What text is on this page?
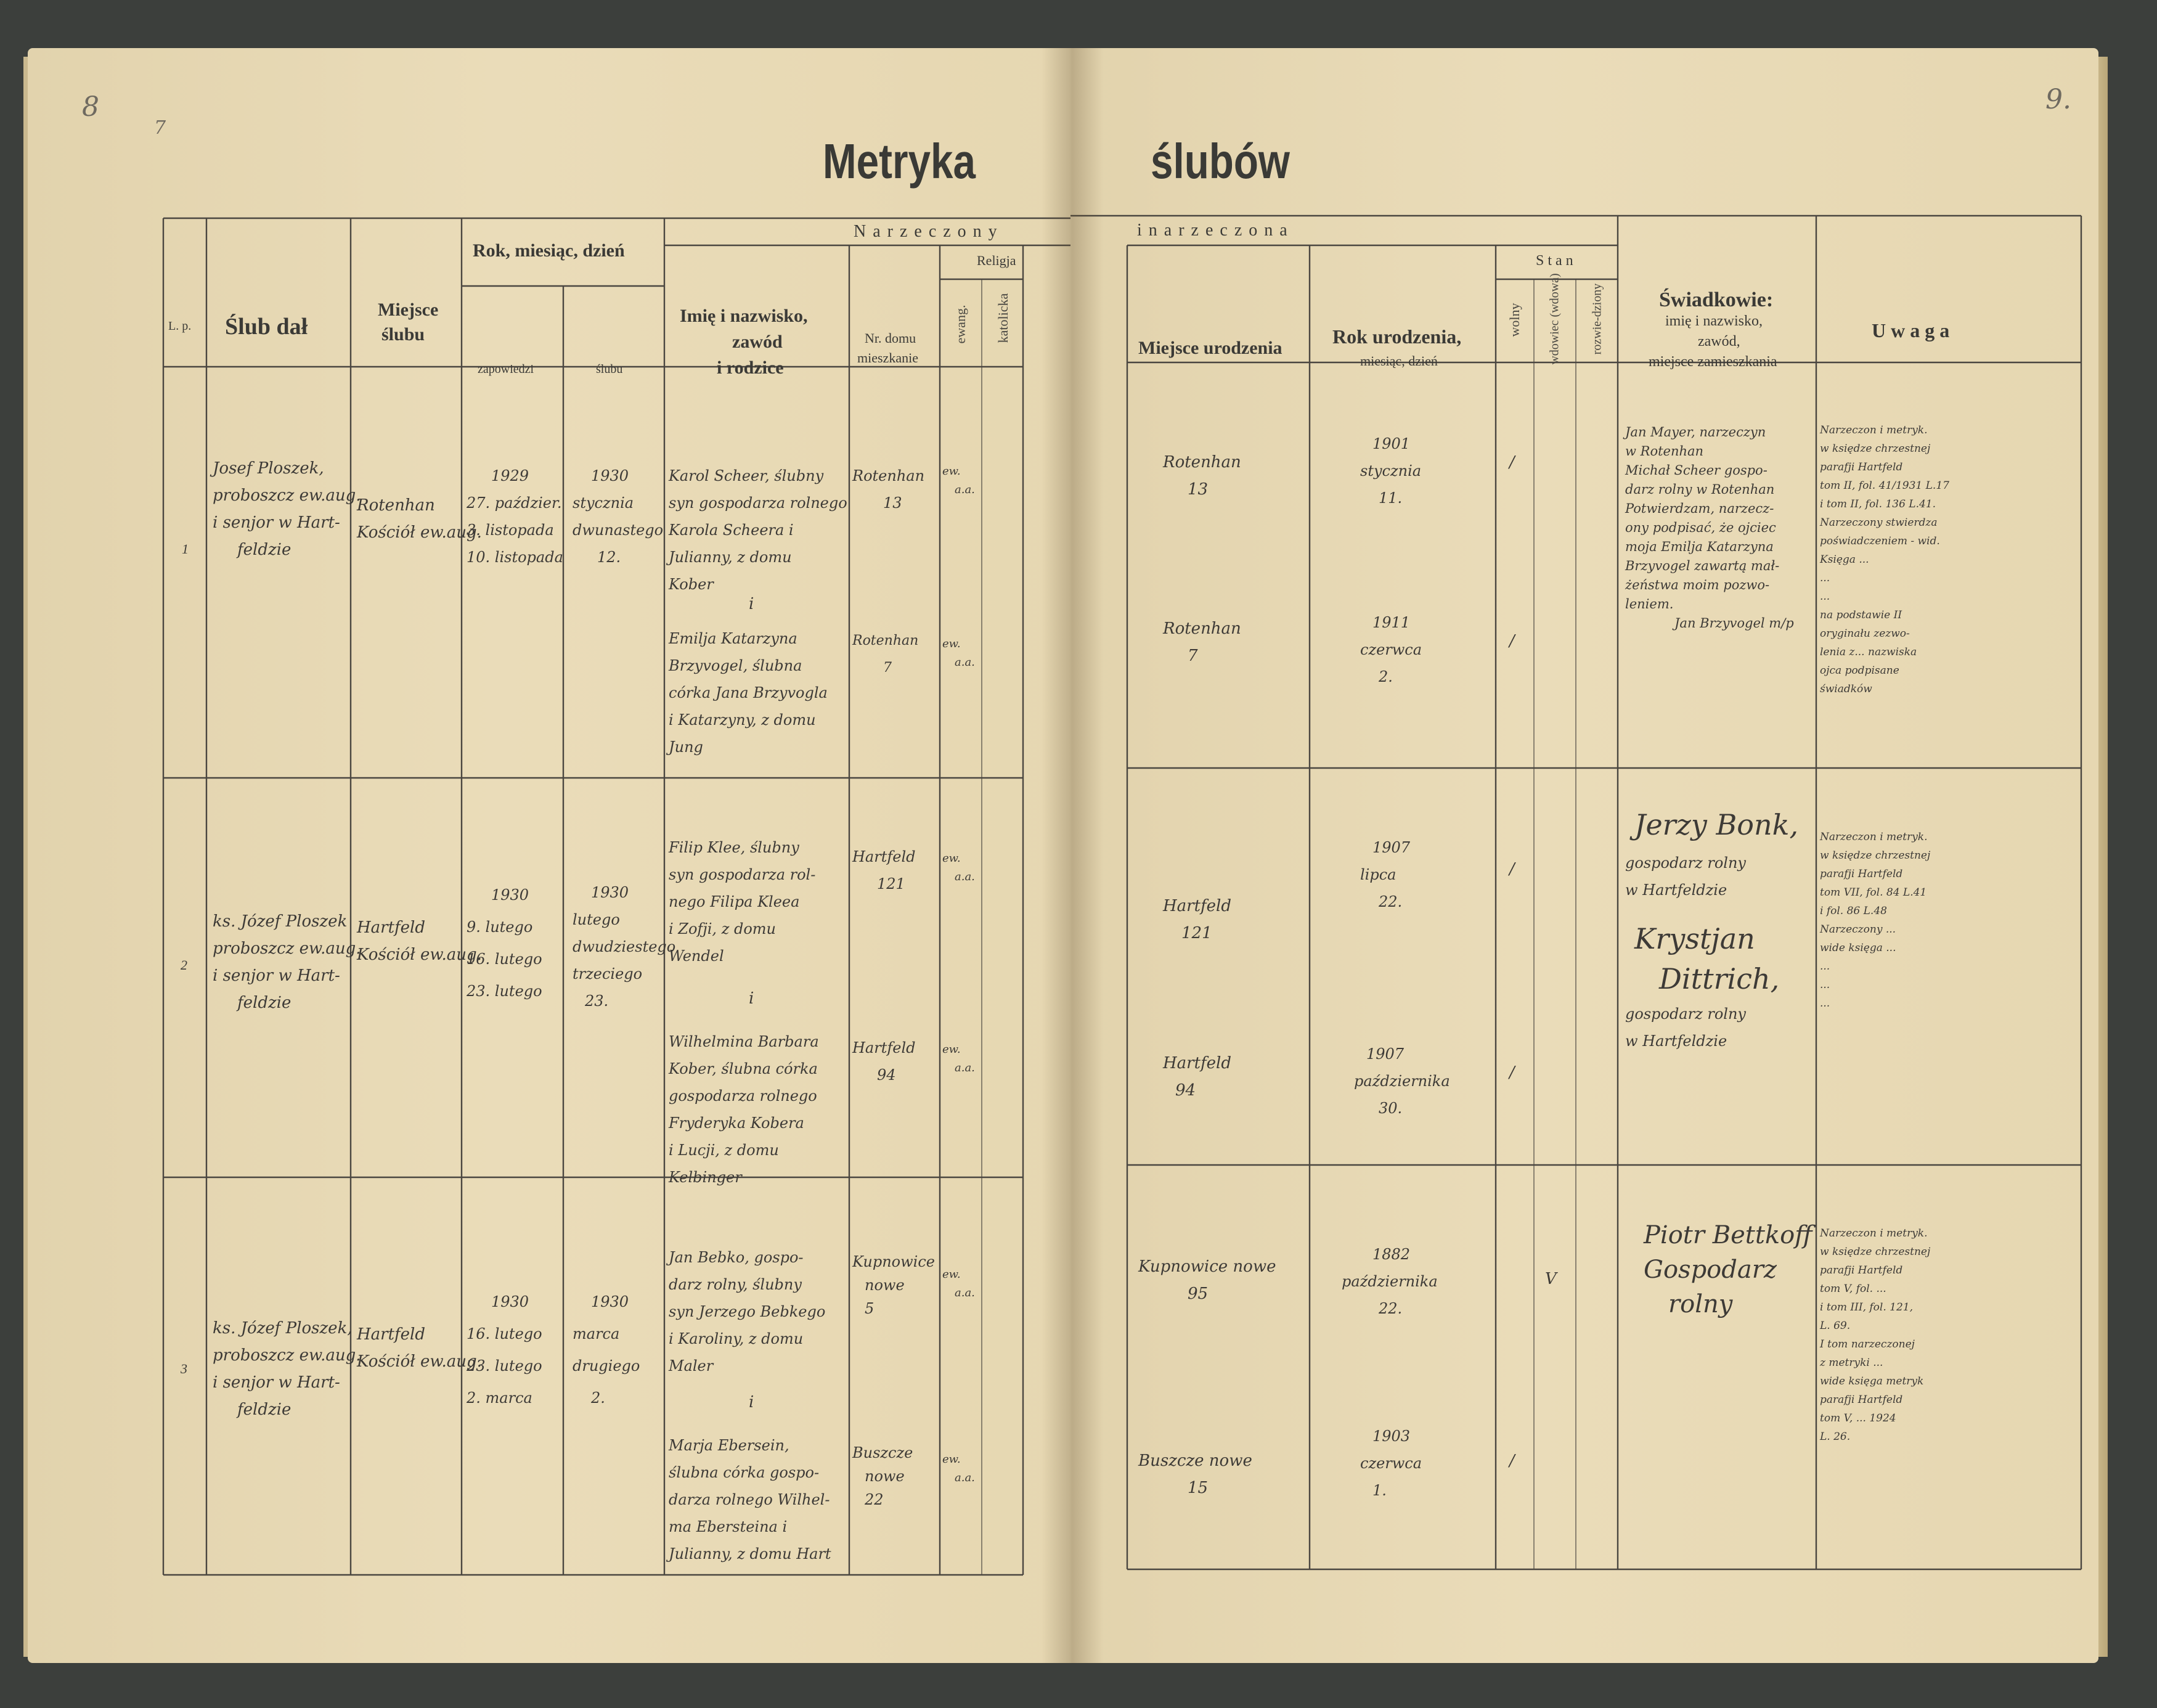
8
7
Metryka
N a r z e c z o n y
L. p. Ślub dał
Miejsce
ślubu
Rok, miesiąc, dzień
zapowiedzi	ślubu
Imię i nazwisko,
zawód
i rodzice
Nr. domu
mieszkanie
Religja
ewang. katolicka
1
Josef Ploszek,
proboszcz ew.aug.
i senjor w Hart-
feldzie
Rotenhan
Kościół ew.aug.
1929
27. paździer.
3. listopada
10. listopada
1930
stycznia
dwunastego
12.
Karol Scheer, ślubny
syn gospodarza rolnego
Karola Scheera i
Julianny, z domu
Kober
Rotenhan
13
ew.
a.a.
i
Emilja Katarzyna
Brzyvogel, ślubna
córka Jana Brzyvogla
i Katarzyny, z domu
Jung
Rotenhan
7
ew.
a.a.
2
ks. Józef Ploszek
proboszcz ew.aug.
i senjor w Hart-
feldzie
Hartfeld
Kościół ew.aug.
1930
9. lutego
16. lutego
23. lutego
1930
lutego
dwudziestego
trzeciego
23.
Filip Klee, ślubny
syn gospodarza rol-
nego Filipa Kleea
i Zofji, z domu
Wendel
Hartfeld
121
ew.
a.a.
i
Wilhelmina Barbara
Kober, ślubna córka
gospodarza rolnego
Fryderyka Kobera
i Lucji, z domu
Kelbinger
Hartfeld
94
ew.
a.a.
3
ks. Józef Ploszek,
proboszcz ew.aug.
i senjor w Hart-
feldzie
Hartfeld
Kościół ew.aug.
1930
16. lutego
23. lutego
2. marca
1930
marca
drugiego
2.
Jan Bebko, gospo-
darz rolny, ślubny
syn Jerzego Bebkego
i Karoliny, z domu
Maler
Kupnowice
nowe
5
ew.
a.a.
i
Marja Ebersein,
ślubna córka gospo-
darza rolnego Wilhel-
ma Ebersteina i
Julianny, z domu Hart
Buszcze
nowe
22
ew.
a.a.
9.
ślubów
i n a r z e c z o n a
Miejsce urodzenia
Rok urodzenia,
miesiąc, dzień
S t a n
wolny wdowiec (wdowa) rozwie-dziony	Świadkowie:
imię i nazwisko,
zawód,
miejsce zamieszkania
U w a g a
Rotenhan
13
1901
stycznia
11.
/
Rotenhan
7
1911
czerwca
2.
/
Jan Mayer, narzeczyn
w Rotenhan
Michał Scheer gospo-
darz rolny w Rotenhan
Potwierdzam, narzecz-
ony podpisać, że ojciec
moja Emilja Katarzyna
Brzyvogel zawartą mał-
żeństwa moim pozwo-
leniem.
Jan Brzyvogel m/p
Narzeczon i metryk.
w księdze chrzestnej
parafji Hartfeld
tom II, fol. 41/1931 L.17
i tom II, fol. 136 L.41.
Narzeczony stwierdza
poświadczeniem - wid.
Księga ...
...
...
na podstawie II
oryginału zezwo-
lenia z... nazwiska
ojca podpisane
świadków
Hartfeld
121
1907
lipca
22.
/
Hartfeld
94
1907
października
30.
/
Jerzy Bonk,
gospodarz rolny
w Hartfeldzie
Krystjan
Dittrich,
gospodarz rolny
w Hartfeldzie
Narzeczon i metryk.
w księdze chrzestnej
parafji Hartfeld
tom VII, fol. 84 L.41
i fol. 86 L.48
Narzeczony ...
wide księga ...
...
...
...
Kupnowice nowe
95
1882
października
22.
V
Buszcze nowe
15
1903
czerwca
1.
/
Piotr Bettkoff
Gospodarz
rolny
Narzeczon i metryk.
w księdze chrzestnej
parafji Hartfeld
tom V, fol. ...
i tom III, fol. 121,
L. 69.
I tom narzeczonej
z metryki ...
wide księga metryk
parafji Hartfeld
tom V, ... 1924
L. 26.
